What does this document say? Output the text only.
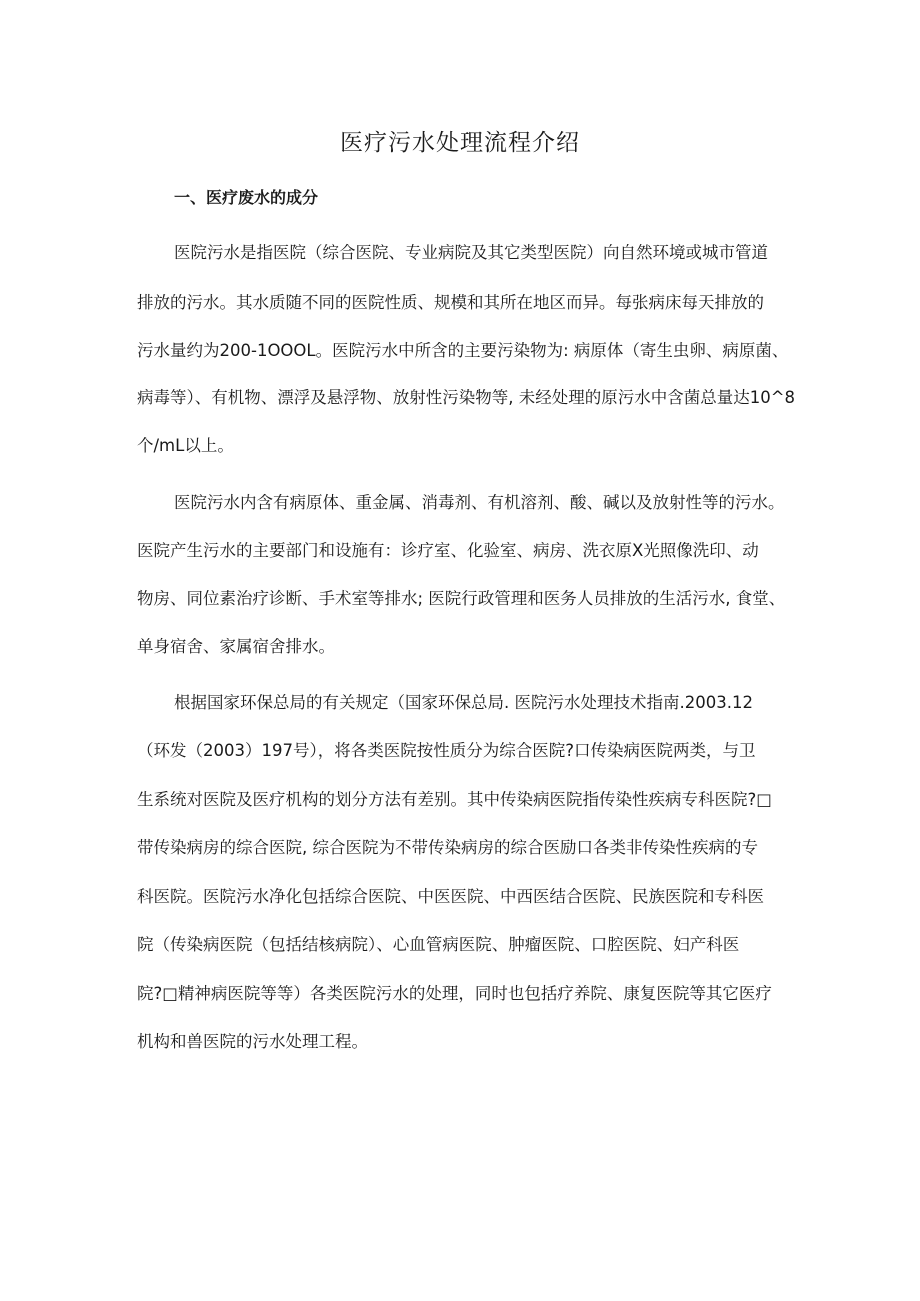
医疗污水处理流程介绍
一、医疗废水的成分

医院污水是指医院（综合医院、专业病院及其它类型医院）向自然环境或城市管道

排放的污水。其水质随不同的医院性质、规模和其所在地区而异。每张病床每天排放的

污水量约为200-1OOOL。医院污水中所含的主要污染物为: 病原体（寄生虫卵、病原菌、

病毒等）、有机物、漂浮及悬浮物、放射性污染物等, 未经处理的原污水中含菌总量达10^8

个/mL以上。

医院污水内含有病原体、重金属、消毒剂、有机溶剂、酸、碱以及放射性等的污水。

医院产生污水的主要部门和设施有：诊疗室、化验室、病房、洗衣原X光照像洗印、动

物房、同位素治疗诊断、手术室等排水; 医院行政管理和医务人员排放的生活污水, 食堂、

单身宿舍、家属宿舍排水。

根据国家环保总局的有关规定（国家环保总局. 医院污水处理技术指南.2003.12

（环发（2003）197号），将各类医院按性质分为综合医院?口传染病医院两类，与卫

生系统对医院及医疗机构的划分方法有差别。其中传染病医院指传染性疾病专科医院?□

带传染病房的综合医院, 综合医院为不带传染病房的综合医励口各类非传染性疾病的专

科医院。医院污水净化包括综合医院、中医医院、中西医结合医院、民族医院和专科医

院（传染病医院（包括结核病院）、心血管病医院、肿瘤医院、口腔医院、妇产科医

院?□精神病医院等等）各类医院污水的处理，同时也包括疗养院、康复医院等其它医疗

机构和兽医院的污水处理工程。
